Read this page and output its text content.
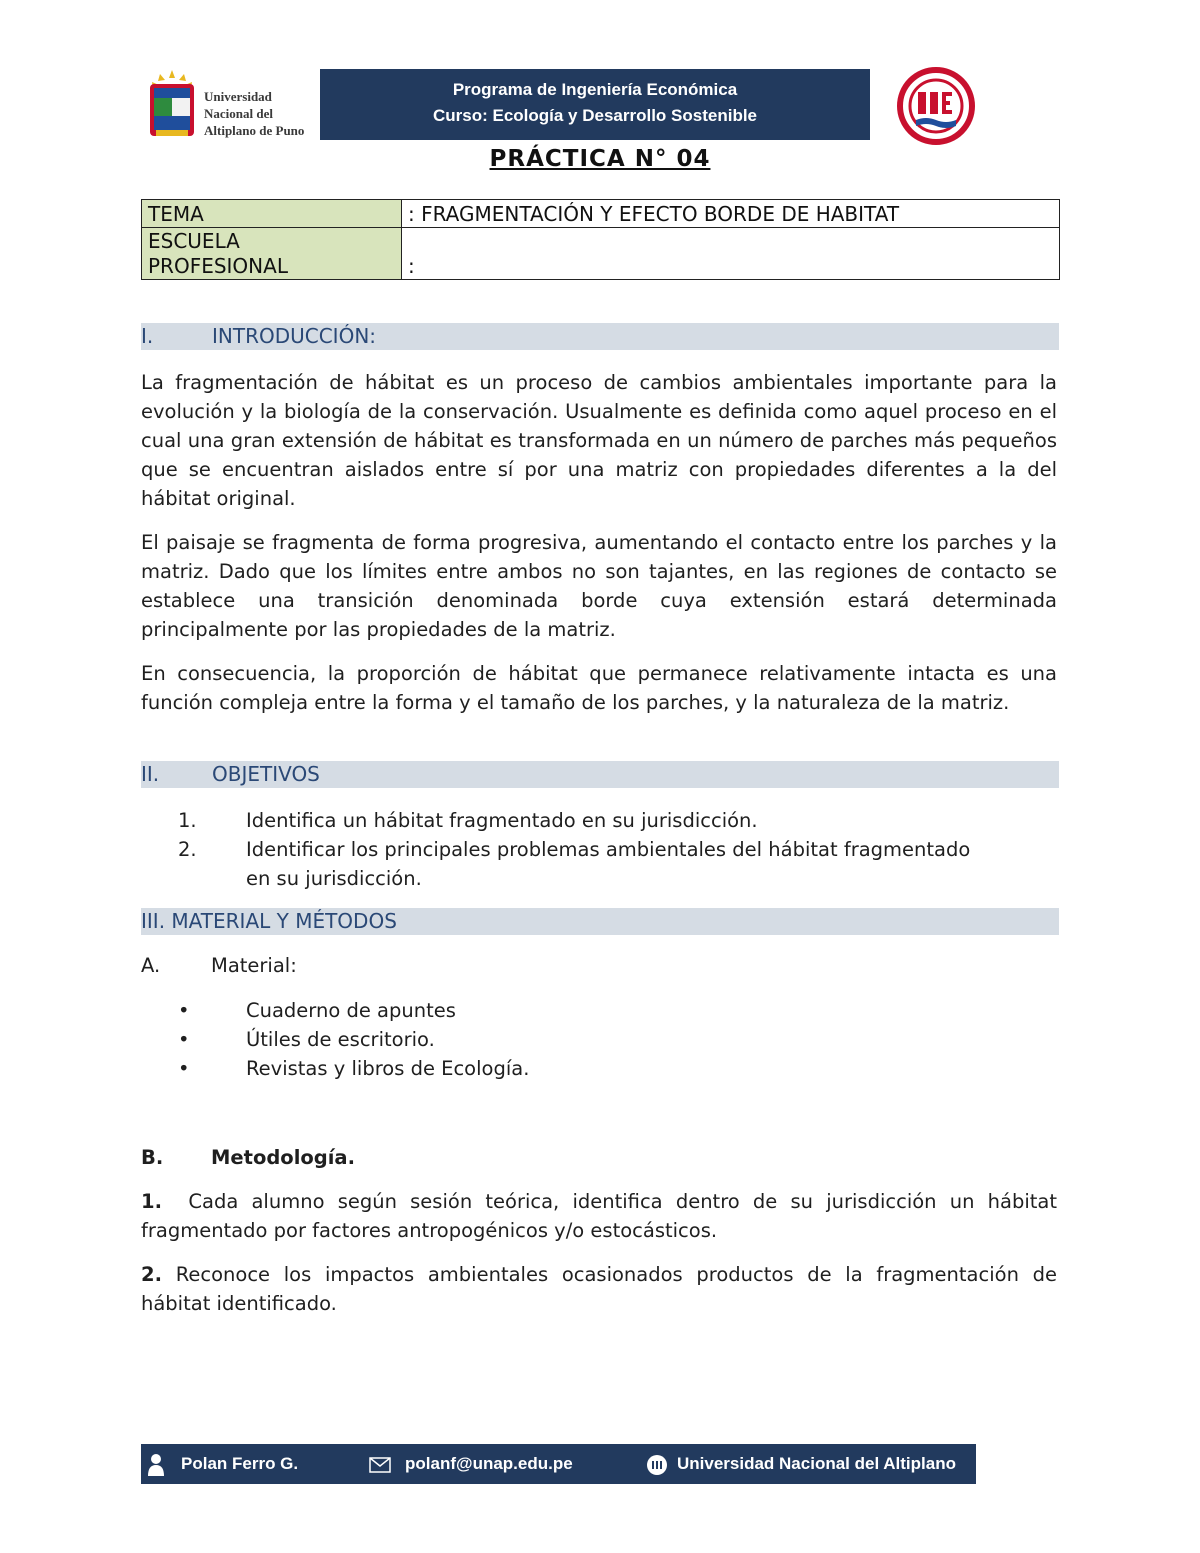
Universidad
Nacional del
Altiplano de Puno
Programa de Ingeniería Económica
Curso: Ecología y Desarrollo Sostenible
PRÁCTICA N° 04
TEMA	: FRAGMENTACIÓN Y EFECTO BORDE DE HABITAT

ESCUELA
PROFESIONAL	:
I.	INTRODUCCIÓN:
La fragmentación de hábitat es un proceso de cambios ambientales importante para la evolución y la biología de la conservación. Usualmente es definida como aquel proceso en el cual una gran extensión de hábitat es transformada en un número de parches más pequeños que se encuentran aislados entre sí por una matriz con propiedades diferentes a la del hábitat original.
El paisaje se fragmenta de forma progresiva, aumentando el contacto entre los parches y la matriz. Dado que los límites entre ambos no son tajantes, en las regiones de contacto se establece una transición denominada borde cuya extensión estará determinada principalmente por las propiedades de la matriz.
En consecuencia, la proporción de hábitat que permanece relativamente intacta es una función compleja entre la forma y el tamaño de los parches, y la naturaleza de la matriz.
II.	OBJETIVOS
1.	Identifica un hábitat fragmentado en su jurisdicción.
2.	Identificar los principales problemas ambientales del hábitat fragmentado
en su jurisdicción.
III. MATERIAL Y MÉTODOS
A.	Material:
•	Cuaderno de apuntes
•	Útiles de escritorio.
•	Revistas y libros de Ecología.
B. Metodología.
1. Cada alumno según sesión teórica, identifica dentro de su jurisdicción un hábitat fragmentado por factores antropogénicos y/o estocásticos.
2. Reconoce los impactos ambientales ocasionados productos de la fragmentación de hábitat identificado.
Polan Ferro G.	polanf@unap.edu.pe	Universidad Nacional del Altiplano
